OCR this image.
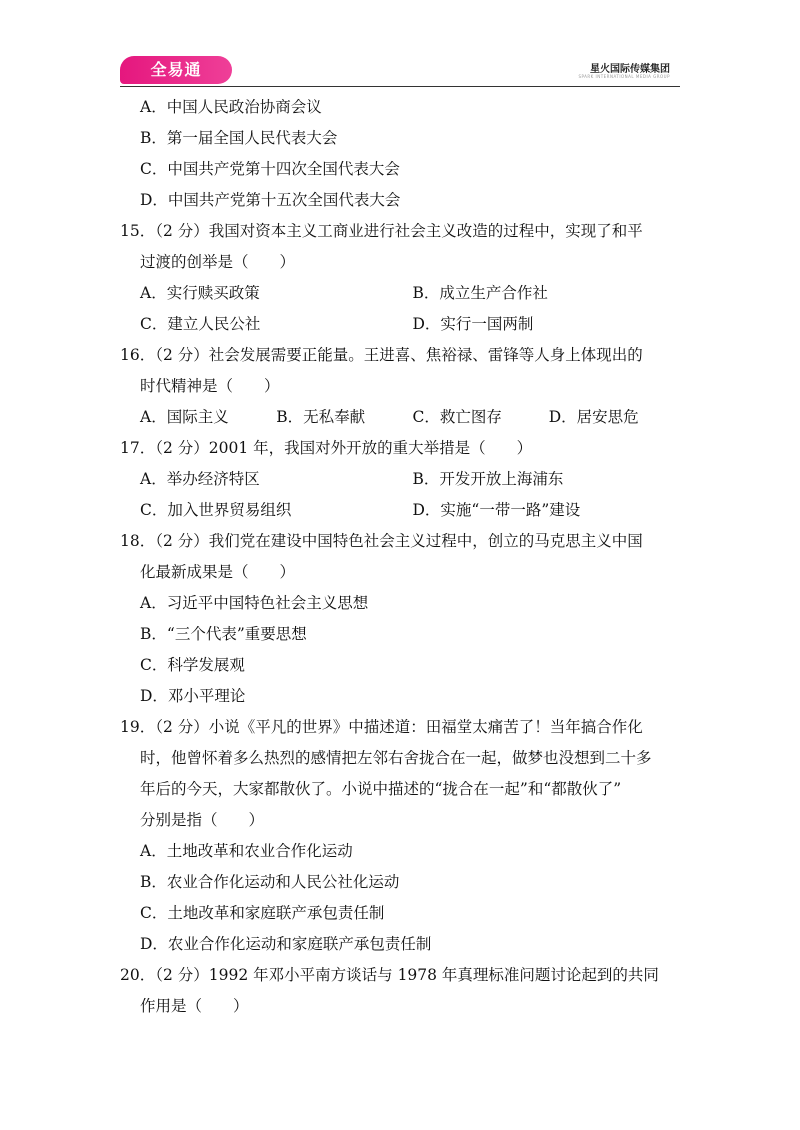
全易通	星火国际传媒集团
SPARK INTERNATIONAL MEDIA GROUP
A．中国人民政治协商会议
B．第一届全国人民代表大会
C．中国共产党第十四次全国代表大会
D．中国共产党第十五次全国代表大会
15．（2 分）我国对资本主义工商业进行社会主义改造的过程中，实现了和平
过渡的创举是（　　）
A．实行赎买政策	B．成立生产合作社
C．建立人民公社	D．实行一国两制
16．（2 分）社会发展需要正能量。王进喜、焦裕禄、雷锋等人身上体现出的
时代精神是（　　）
A．国际主义	B．无私奉献	C．救亡图存	D．居安思危
17．（2 分）2001 年，我国对外开放的重大举措是（　　）
A．举办经济特区	B．开发开放上海浦东
C．加入世界贸易组织	D．实施“一带一路”建设
18．（2 分）我们党在建设中国特色社会主义过程中，创立的马克思主义中国
化最新成果是（　　）
A．习近平中国特色社会主义思想
B．“三个代表”重要思想
C．科学发展观
D．邓小平理论
19．（2 分）小说《平凡的世界》中描述道：田福堂太痛苦了！当年搞合作化
时，他曾怀着多么热烈的感情把左邻右舍拢合在一起，做梦也没想到二十多
年后的今天，大家都散伙了。小说中描述的“拢合在一起”和“都散伙了”
分别是指（　　）
A．土地改革和农业合作化运动
B．农业合作化运动和人民公社化运动
C．土地改革和家庭联产承包责任制
D．农业合作化运动和家庭联产承包责任制
20．（2 分）1992 年邓小平南方谈话与 1978 年真理标准问题讨论起到的共同
作用是（　　）
